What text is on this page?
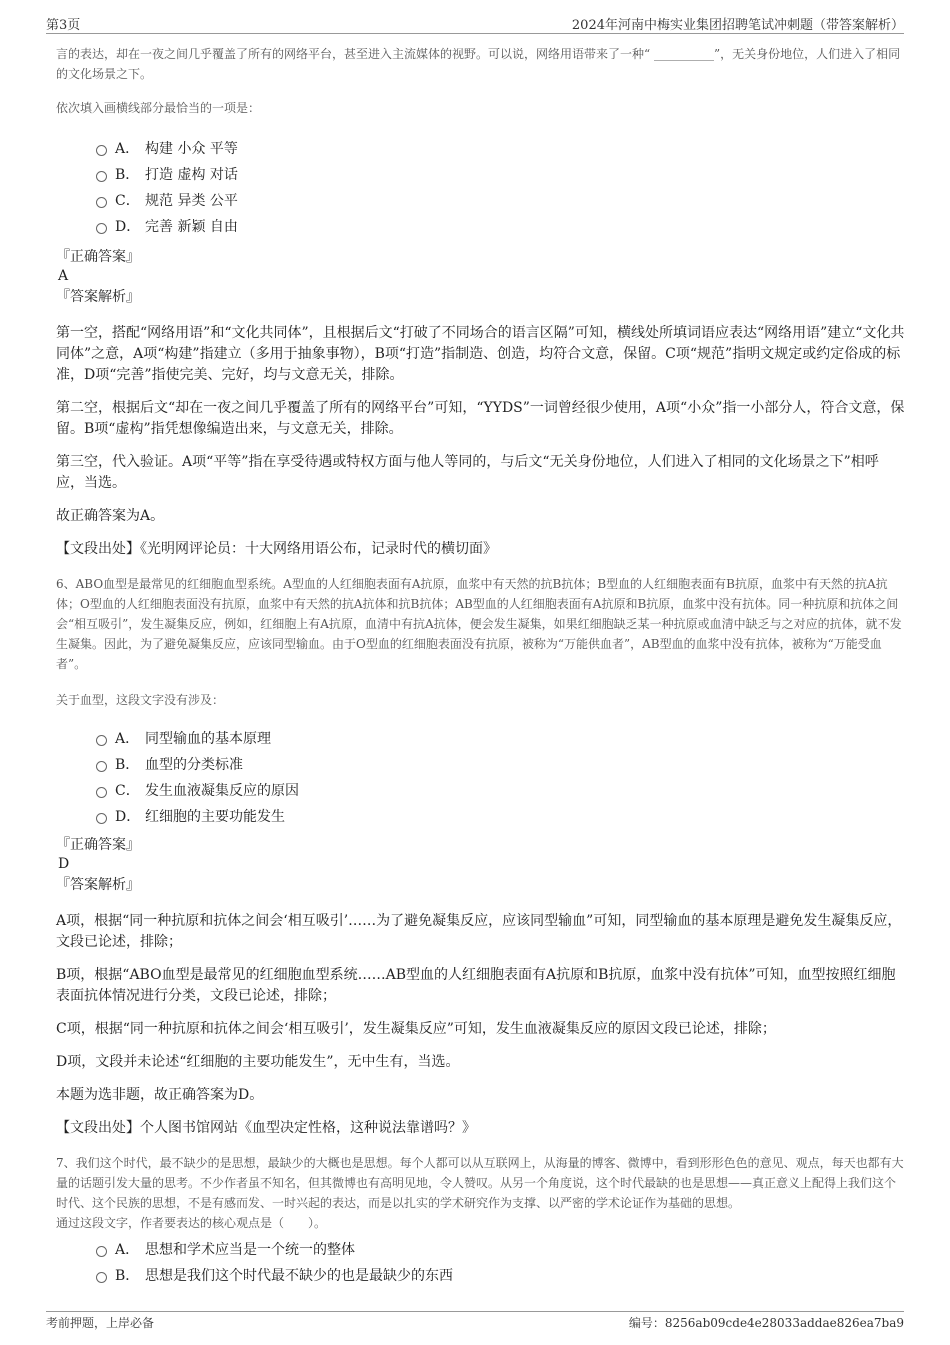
第3页	2024年河南中梅实业集团招聘笔试冲刺题（带答案解析）
言的表达，却在一夜之间几乎覆盖了所有的网络平台，甚至进入主流媒体的视野。可以说，网络用语带来了一种“ __________”，无关身份地位，人们进入了相同的文化场景之下。
依次填入画横线部分最恰当的一项是：
A． 构建 小众 平等
B． 打造 虚构 对话
C． 规范 异类 公平
D． 完善 新颖 自由
『正确答案』
A
『答案解析』
第一空，搭配“网络用语”和“文化共同体”，且根据后文“打破了不同场合的语言区隔”可知，横线处所填词语应表达“网络用语”建立“文化共同体”之意，A项“构建”指建立（多用于抽象事物），B项“打造”指制造、创造，均符合文意，保留。C项“规范”指明文规定或约定俗成的标准，D项“完善”指使完美、完好，均与文意无关，排除。
第二空，根据后文“却在一夜之间几乎覆盖了所有的网络平台”可知，“YYDS”一词曾经很少使用，A项“小众”指一小部分人，符合文意，保留。B项“虚构”指凭想像编造出来，与文意无关，排除。
第三空，代入验证。A项“平等”指在享受待遇或特权方面与他人等同的，与后文“无关身份地位，人们进入了相同的文化场景之下”相呼应，当选。
故正确答案为A。
【文段出处】《光明网评论员：十大网络用语公布，记录时代的横切面》
6、ABO血型是最常见的红细胞血型系统。A型血的人红细胞表面有A抗原，血浆中有天然的抗B抗体；B型血的人红细胞表面有B抗原，血浆中有天然的抗A抗体；O型血的人红细胞表面没有抗原，血浆中有天然的抗A抗体和抗B抗体；AB型血的人红细胞表面有A抗原和B抗原，血浆中没有抗体。同一种抗原和抗体之间会“相互吸引”，发生凝集反应，例如，红细胞上有A抗原，血清中有抗A抗体，便会发生凝集，如果红细胞缺乏某一种抗原或血清中缺乏与之对应的抗体，就不发生凝集。因此，为了避免凝集反应，应该同型输血。由于O型血的红细胞表面没有抗原，被称为“万能供血者”，AB型血的血浆中没有抗体，被称为“万能受血者”。
关于血型，这段文字没有涉及：
A． 同型输血的基本原理
B． 血型的分类标准
C． 发生血液凝集反应的原因
D． 红细胞的主要功能发生
『正确答案』
D
『答案解析』
A项，根据“同一种抗原和抗体之间会‘相互吸引’……为了避免凝集反应，应该同型输血”可知，同型输血的基本原理是避免发生凝集反应，文段已论述，排除；
B项，根据“ABO血型是最常见的红细胞血型系统……AB型血的人红细胞表面有A抗原和B抗原，血浆中没有抗体”可知，血型按照红细胞表面抗体情况进行分类，文段已论述，排除；
C项，根据“同一种抗原和抗体之间会‘相互吸引’，发生凝集反应”可知，发生血液凝集反应的原因文段已论述，排除；
D项，文段并未论述“红细胞的主要功能发生”，无中生有，当选。
本题为选非题，故正确答案为D。
【文段出处】个人图书馆网站《血型决定性格，这种说法靠谱吗？》
7、我们这个时代，最不缺少的是思想，最缺少的大概也是思想。每个人都可以从互联网上，从海量的博客、微博中，看到形形色色的意见、观点，每天也都有大量的话题引发大量的思考。不少作者虽不知名，但其微博也有高明见地，令人赞叹。从另一个角度说，这个时代最缺的也是思想——真正意义上配得上我们这个时代、这个民族的思想，不是有感而发、一时兴起的表达，而是以扎实的学术研究作为支撑、以严密的学术论证作为基础的思想。
通过这段文字，作者要表达的核心观点是（　　）。
A． 思想和学术应当是一个统一的整体
B． 思想是我们这个时代最不缺少的也是最缺少的东西
考前押题，上岸必备	编号：8256ab09cde4e28033addae826ea7ba9
